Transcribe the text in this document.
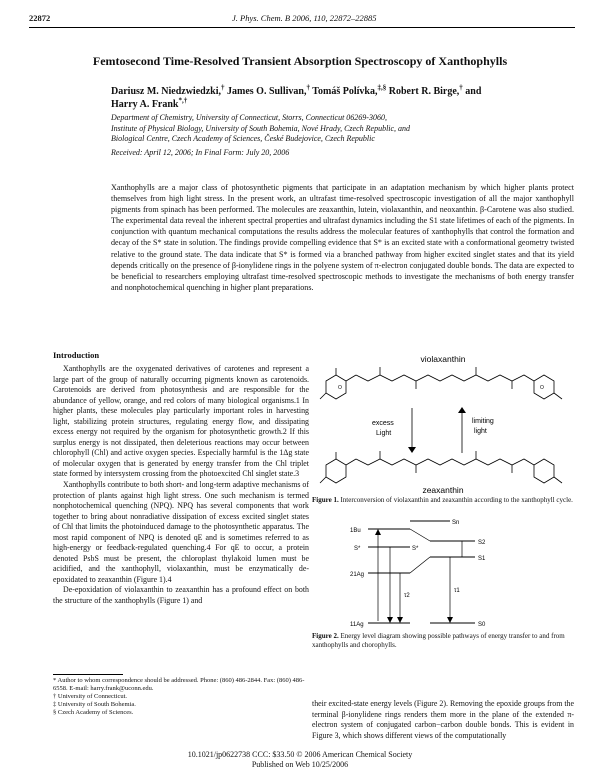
22872	J. Phys. Chem. B 2006, 110, 22872–22885
Femtosecond Time-Resolved Transient Absorption Spectroscopy of Xanthophylls
Dariusz M. Niedzwiedzki,† James O. Sullivan,† Tomáš Polívka,‡,§ Robert R. Birge,† and
Harry A. Frank*,†
Department of Chemistry, University of Connecticut, Storrs, Connecticut 06269-3060,
Institute of Physical Biology, University of South Bohemia, Nové Hrady, Czech Republic, and
Biological Centre, Czech Academy of Sciences, České Budejovice, Czech Republic
Received: April 12, 2006; In Final Form: July 20, 2006

Xanthophylls are a major class of photosynthetic pigments that participate in an adaptation mechanism by which higher plants protect themselves from high light stress. In the present work, an ultrafast time-resolved spectroscopic investigation of all the major xanthophyll pigments from spinach has been performed. The molecules are zeaxanthin, lutein, violaxanthin, and neoxanthin. β-Carotene was also studied. The experimental data reveal the inherent spectral properties and ultrafast dynamics including the S1 state lifetimes of each of the pigments. In conjunction with quantum mechanical computations the results address the molecular features of xanthophylls that control the formation and decay of the S* state in solution. The findings provide compelling evidence that S* is an excited state with a conformational geometry twisted relative to the ground state. The data indicate that S* is formed via a branched pathway from higher excited singlet states and that its yield depends critically on the presence of β-ionylidene rings in the polyene system of π-electron conjugated double bonds. The data are expected to be beneficial to researchers employing ultrafast time-resolved spectroscopic methods to investigate the mechanisms of both energy transfer and nonphotochemical quenching in higher plant preparations.

Introduction

Xanthophylls are the oxygenated derivatives of carotenes and represent a large part of the group of naturally occurring pigments known as carotenoids. Carotenoids are derived from photosynthesis and are responsible for the abundance of yellow, orange, and red colors of many biological organisms.1 In higher plants, these molecules play particularly important roles in harvesting light, stabilizing protein structures, regulating energy flow, and dissipating excess energy not required by the organism for photosynthetic growth.2 If this surplus energy is not dissipated, then deleterious reactions may occur between chlorophyll (Chl) and active oxygen species. Especially harmful is the 1Δg state of molecular oxygen that is generated by energy transfer from the Chl triplet state formed by intersystem crossing from the photoexcited Chl singlet state.3

Xanthophylls contribute to both short- and long-term adaptive mechanisms of protection of plants against high light stress. One such mechanism is termed nonphotochemical quenching (NPQ). NPQ has several components that work together to bring about nonradiative dissipation of excess excited singlet states of Chl that limits the photoinduced damage to the photosynthetic apparatus. The most rapid component of NPQ is denoted qE and is sometimes referred to as high-energy or feedback-regulated quenching.4 For qE to occur, a protein denoted PsbS must be present, the chloroplast thylakoid lumen must be acidified, and the xanthophyll, violaxanthin, must be enzymatically de-epoxidated to zeaxanthin (Figure 1).4

De-epoxidation of violaxanthin to zeaxanthin has a profound effect on both the structure of the xanthophylls (Figure 1) and

* Author to whom correspondence should be addressed. Phone: (860) 486-2844. Fax: (860) 486-6558. E-mail: harry.frank@uconn.edu.
† University of Connecticut.
‡ University of South Bohemia.
§ Czech Academy of Sciences.
violaxanthin
O	O
excess
Light
limiting
light
zeaxanthin
Figure 1. Interconversion of violaxanthin and zeaxanthin according to the xanthophyll cycle.
1Bu
S*
21Ag
11Ag
S2
S1
S0
Sn
S*
τ1
τ2
Figure 2. Energy level diagram showing possible pathways of energy transfer to and from xanthophylls and chorophylls.
their excited-state energy levels (Figure 2). Removing the epoxide groups from the terminal β-ionylidene rings renders them more in the plane of the extended π-electron system of conjugated carbon−carbon double bonds. This is evident in Figure 3, which shows different views of the computationally
10.1021/jp0622738 CCC: $33.50 © 2006 American Chemical Society
Published on Web 10/25/2006
